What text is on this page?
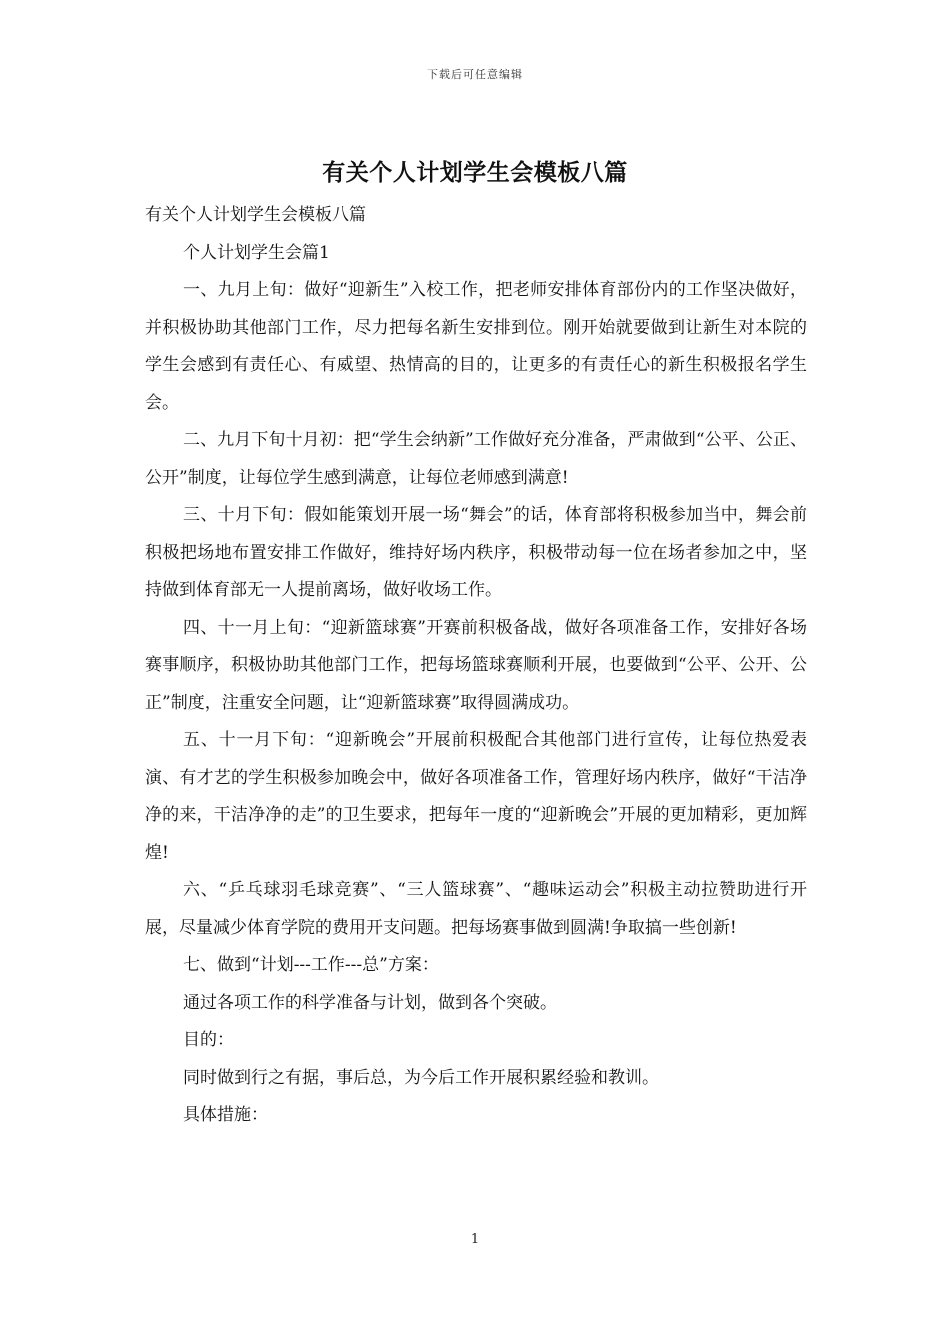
下载后可任意编辑
有关个人计划学生会模板八篇

有关个人计划学生会模板八篇

个人计划学生会篇1

一、九月上旬：做好“迎新生”入校工作，把老师安排体育部份内的工作坚决做好，并积极协助其他部门工作，尽力把每名新生安排到位。刚开始就要做到让新生对本院的学生会感到有责任心、有威望、热情高的目的，让更多的有责任心的新生积极报名学生会。

二、九月下旬十月初：把“学生会纳新”工作做好充分准备，严肃做到“公平、公正、公开”制度，让每位学生感到满意，让每位老师感到满意!

三、十月下旬：假如能策划开展一场“舞会”的话，体育部将积极参加当中，舞会前积极把场地布置安排工作做好，维持好场内秩序，积极带动每一位在场者参加之中，坚持做到体育部无一人提前离场，做好收场工作。

四、十一月上旬：“迎新篮球赛”开赛前积极备战，做好各项准备工作，安排好各场赛事顺序，积极协助其他部门工作，把每场篮球赛顺利开展，也要做到“公平、公开、公正”制度，注重安全问题，让“迎新篮球赛”取得圆满成功。

五、十一月下旬：“迎新晚会”开展前积极配合其他部门进行宣传，让每位热爱表演、有才艺的学生积极参加晚会中，做好各项准备工作，管理好场内秩序，做好“干洁净净的来，干洁净净的走”的卫生要求，把每年一度的“迎新晚会”开展的更加精彩，更加辉煌!

六、“乒乓球羽毛球竞赛”、“三人篮球赛”、“趣味运动会”积极主动拉赞助进行开展，尽量减少体育学院的费用开支问题。把每场赛事做到圆满!争取搞一些创新!

七、做到“计划---工作---总”方案：

通过各项工作的科学准备与计划，做到各个突破。

目的：

同时做到行之有据，事后总，为今后工作开展积累经验和教训。

具体措施：

1
